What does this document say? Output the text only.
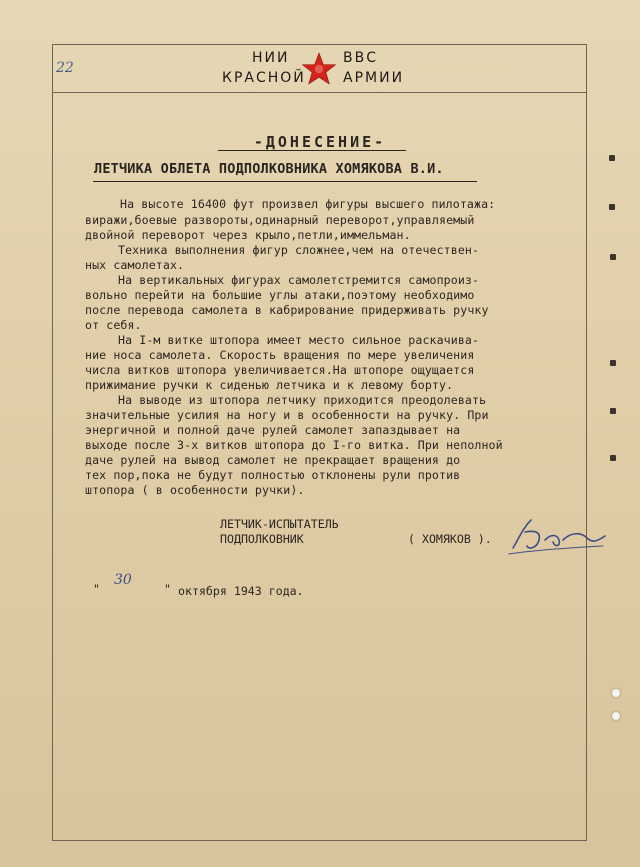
22
НИИ	ВВС
КРАСНОЙ	АРМИИ
-ДОНЕСЕНИЕ-
ЛЕТЧИКА ОБЛЕТА ПОДПОЛКОВНИКА ХОМЯКОВА В.И.
На высоте 16400 фут произвел фигуры высшего пилотажа:
виражи,боевые развороты,одинарный переворот,управляемый
двойной переворот через крыло,петли,иммельман.
Техника выполнения фигур сложнее,чем на отечествен-
ных самолетах.
На вертикальных фигурах самолетстремится самопроиз-
вольно перейти на большие углы атаки,поэтому необходимо
после перевода самолета в кабрирование придерживать ручку
от себя.
На I-м витке штопора имеет место сильное раскачива-
ние носа самолета. Скорость вращения по мере увеличения
числа витков штопора увеличивается.На штопоре ощущается
прижимание ручки к сиденью летчика и к левому борту.
На выводе из штопора летчику приходится преодолевать
значительные усилия на ногу и в особенности на ручку. При
энергичной и полной даче рулей самолет запаздывает на
выходе после 3-х витков штопора до I-го витка. При неполной
даче рулей на вывод самолет не прекращает вращения до
тех пор,пока не будут полностью отклонены рули против
штопора ( в особенности ручки).
ЛЕТЧИК-ИСПЫТАТЕЛЬ
ПОДПОЛКОВНИК	( ХОМЯКОВ ).
Хом
"
30
" октября 1943 года.
